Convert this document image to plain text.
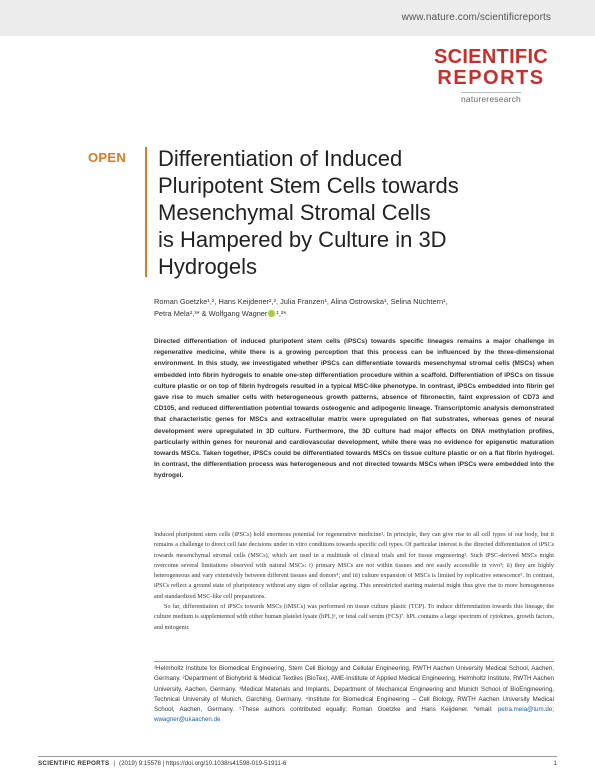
www.nature.com/scientificreports
SCIENTIFIC
REPORTS
natureresearch
OPEN Differentiation of Induced
Pluripotent Stem Cells towards
Mesenchymal Stromal Cells
is Hampered by Culture in 3D
Hydrogels
Roman Goetzke¹,², Hans Keijdener²,³, Julia Franzen¹, Alina Ostrowska¹, Selina Nüchtern¹,
Petra Mela²,³* & Wolfgang Wagner ¹,²*

Directed differentiation of induced pluripotent stem cells (iPSCs) towards specific lineages remains a major challenge in regenerative medicine, while there is a growing perception that this process can be influenced by the three-dimensional environment. In this study, we investigated whether iPSCs can differentiate towards mesenchymal stromal cells (MSCs) when embedded into fibrin hydrogels to enable one-step differentiation procedure within a scaffold. Differentiation of iPSCs on tissue culture plastic or on top of fibrin hydrogels resulted in a typical MSC-like phenotype. In contrast, iPSCs embedded into fibrin gel gave rise to much smaller cells with heterogeneous growth patterns, absence of fibronectin, faint expression of CD73 and CD105, and reduced differentiation potential towards osteogenic and adipogenic lineage. Transcriptomic analysis demonstrated that characteristic genes for MSCs and extracellular matrix were upregulated on flat substrates, whereas genes of neural development were upregulated in 3D culture. Furthermore, the 3D culture had major effects on DNA methylation profiles, particularly within genes for neuronal and cardiovascular development, while there was no evidence for epigenetic maturation towards MSCs. Taken together, iPSCs could be differentiated towards MSCs on tissue culture plastic or on a flat fibrin hydrogel. In contrast, the differentiation process was heterogeneous and not directed towards MSCs when iPSCs were embedded into the hydrogel.

Induced pluripotent stem cells (iPSCs) hold enormous potential for regenerative medicine¹. In principle, they can give rise to all cell types of our body, but it remains a challenge to direct cell fate decisions under in vitro conditions towards specific cell types. Of particular interest is the directed differentiation of iPSCs towards mesenchymal stromal cells (MSCs), which are used in a multitude of clinical trials and for tissue engineering². Such iPSC-derived MSCs might overcome several limitations observed with natural MSCs: i) primary MSCs are not within tissues and not easily accessible in vivo³; ii) they are highly heterogeneous and vary extensively between different tissues and donors⁴; and iii) culture expansion of MSCs is limited by replicative senescence⁵. In contrast, iPSCs reflect a ground state of pluripotency without any signs of cellular ageing. This unrestricted starting material might thus give rise to more homogeneous and standardized MSC-like cell preparations.

So far, differentiation of iPSCs towards MSCs (iMSCs) was performed on tissue culture plastic (TCP). To induce differentiation towards this lineage, the culture medium is supplemented with either human platelet lysate (hPL)⁶, or fetal calf serum (FCS)⁷. hPL contains a large spectrum of cytokines, growth factors, and mitogenic

¹Helmholtz Institute for Biomedical Engineering, Stem Cell Biology and Cellular Engineering, RWTH Aachen University Medical School, Aachen, Germany. ²Department of Biohybrid & Medical Textiles (BioTex), AME-Institute of Applied Medical Engineering, Helmholtz Institute, RWTH Aachen University, Aachen, Germany. ³Medical Materials and Implants, Department of Mechanical Engineering and Munich School of BioEngineering, Technical University of Munich, Garching, Germany. ⁴Institute for Biomedical Engineering – Cell Biology, RWTH Aachen University Medical School, Aachen, Germany. ⁵These authors contributed equally: Roman Goetzke and Hans Keijdener. *email: petra.mela@tum.de; wwagner@ukaachen.de

SCIENTIFIC REPORTS | (2019) 9:15578 | https://doi.org/10.1038/s41598-019-51911-6	1
